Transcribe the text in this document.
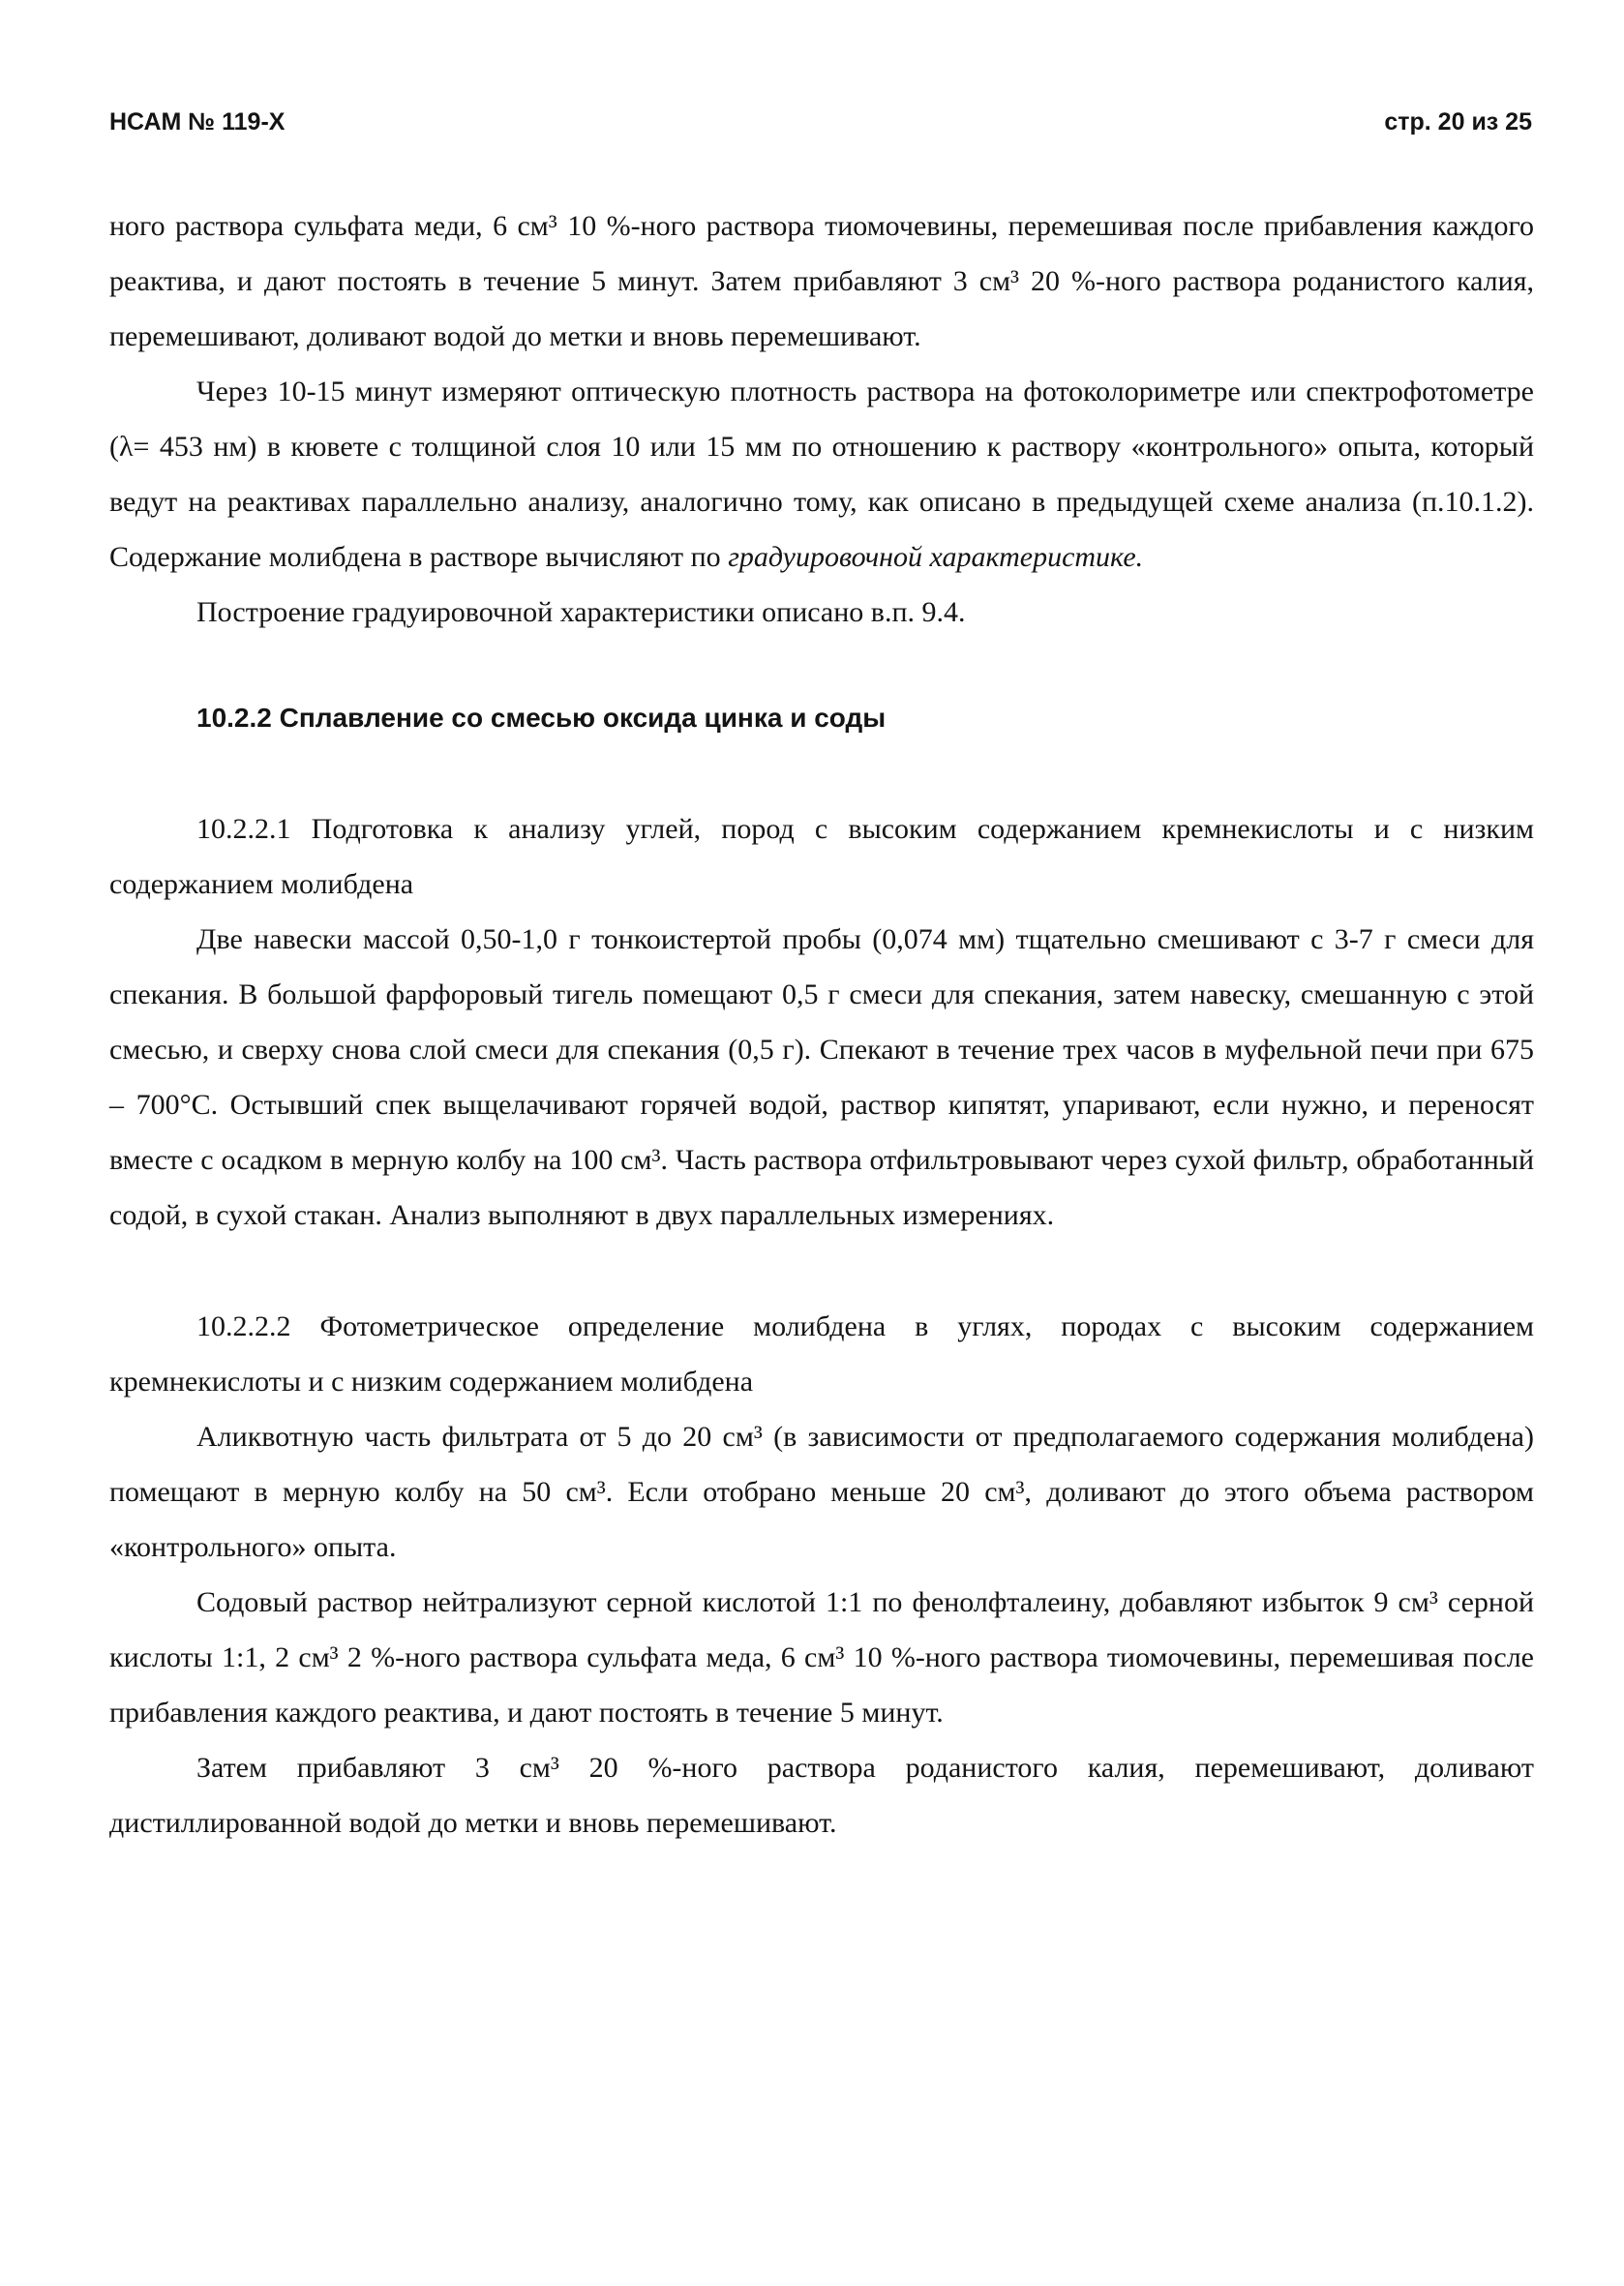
НСАМ № 119-Х	стр. 20 из 25

ного раствора сульфата меди, 6 см³ 10 %-ного раствора тиомочевины, перемешивая после прибавления каждого реактива, и дают постоять в течение 5 минут. Затем прибавляют 3 см³ 20 %-ного раствора роданистого калия, перемешивают, доливают водой до метки и вновь перемешивают.

Через 10-15 минут измеряют оптическую плотность раствора на фотоколориметре или спектрофотометре (λ= 453 нм) в кювете с толщиной слоя 10 или 15 мм по отношению к раствору «контрольного» опыта, который ведут на реактивах параллельно анализу, аналогично тому, как описано в предыдущей схеме анализа (п.10.1.2). Содержание молибдена в растворе вычисляют по градуировочной характеристике.

Построение градуировочной характеристики описано в.п. 9.4.

10.2.2 Сплавление со смесью оксида цинка и соды

10.2.2.1 Подготовка к анализу углей, пород с высоким содержанием кремнекислоты и с низким содержанием молибдена

Две навески массой 0,50-1,0 г тонкоистертой пробы (0,074 мм) тщательно смешивают с 3-7 г смеси для спекания. В большой фарфоровый тигель помещают 0,5 г смеси для спекания, затем навеску, смешанную с этой смесью, и сверху снова слой смеси для спекания (0,5 г). Спекают в течение трех часов в муфельной печи при 675 – 700°C. Остывший спек выщелачивают горячей водой, раствор кипятят, упаривают, если нужно, и переносят вместе с осадком в мерную колбу на 100 см³. Часть раствора отфильтровывают через сухой фильтр, обработанный содой, в сухой стакан. Анализ выполняют в двух параллельных измерениях.

10.2.2.2 Фотометрическое определение молибдена в углях, породах с высоким содержанием кремнекислоты и с низким содержанием молибдена

Аликвотную часть фильтрата от 5 до 20 см³ (в зависимости от предполагаемого содержания молибдена) помещают в мерную колбу на 50 см³. Если отобрано меньше 20 см³, доливают до этого объема раствором «контрольного» опыта.

Содовый раствор нейтрализуют серной кислотой 1:1 по фенолфталеину, добавляют избыток 9 см³ серной кислоты 1:1, 2 см³ 2 %-ного раствора сульфата меда, 6 см³ 10 %-ного раствора тиомочевины, перемешивая после прибавления каждого реактива, и дают постоять в течение 5 минут.

Затем прибавляют 3 см³ 20 %-ного раствора роданистого калия, перемешивают, доливают дистиллированной водой до метки и вновь перемешивают.
